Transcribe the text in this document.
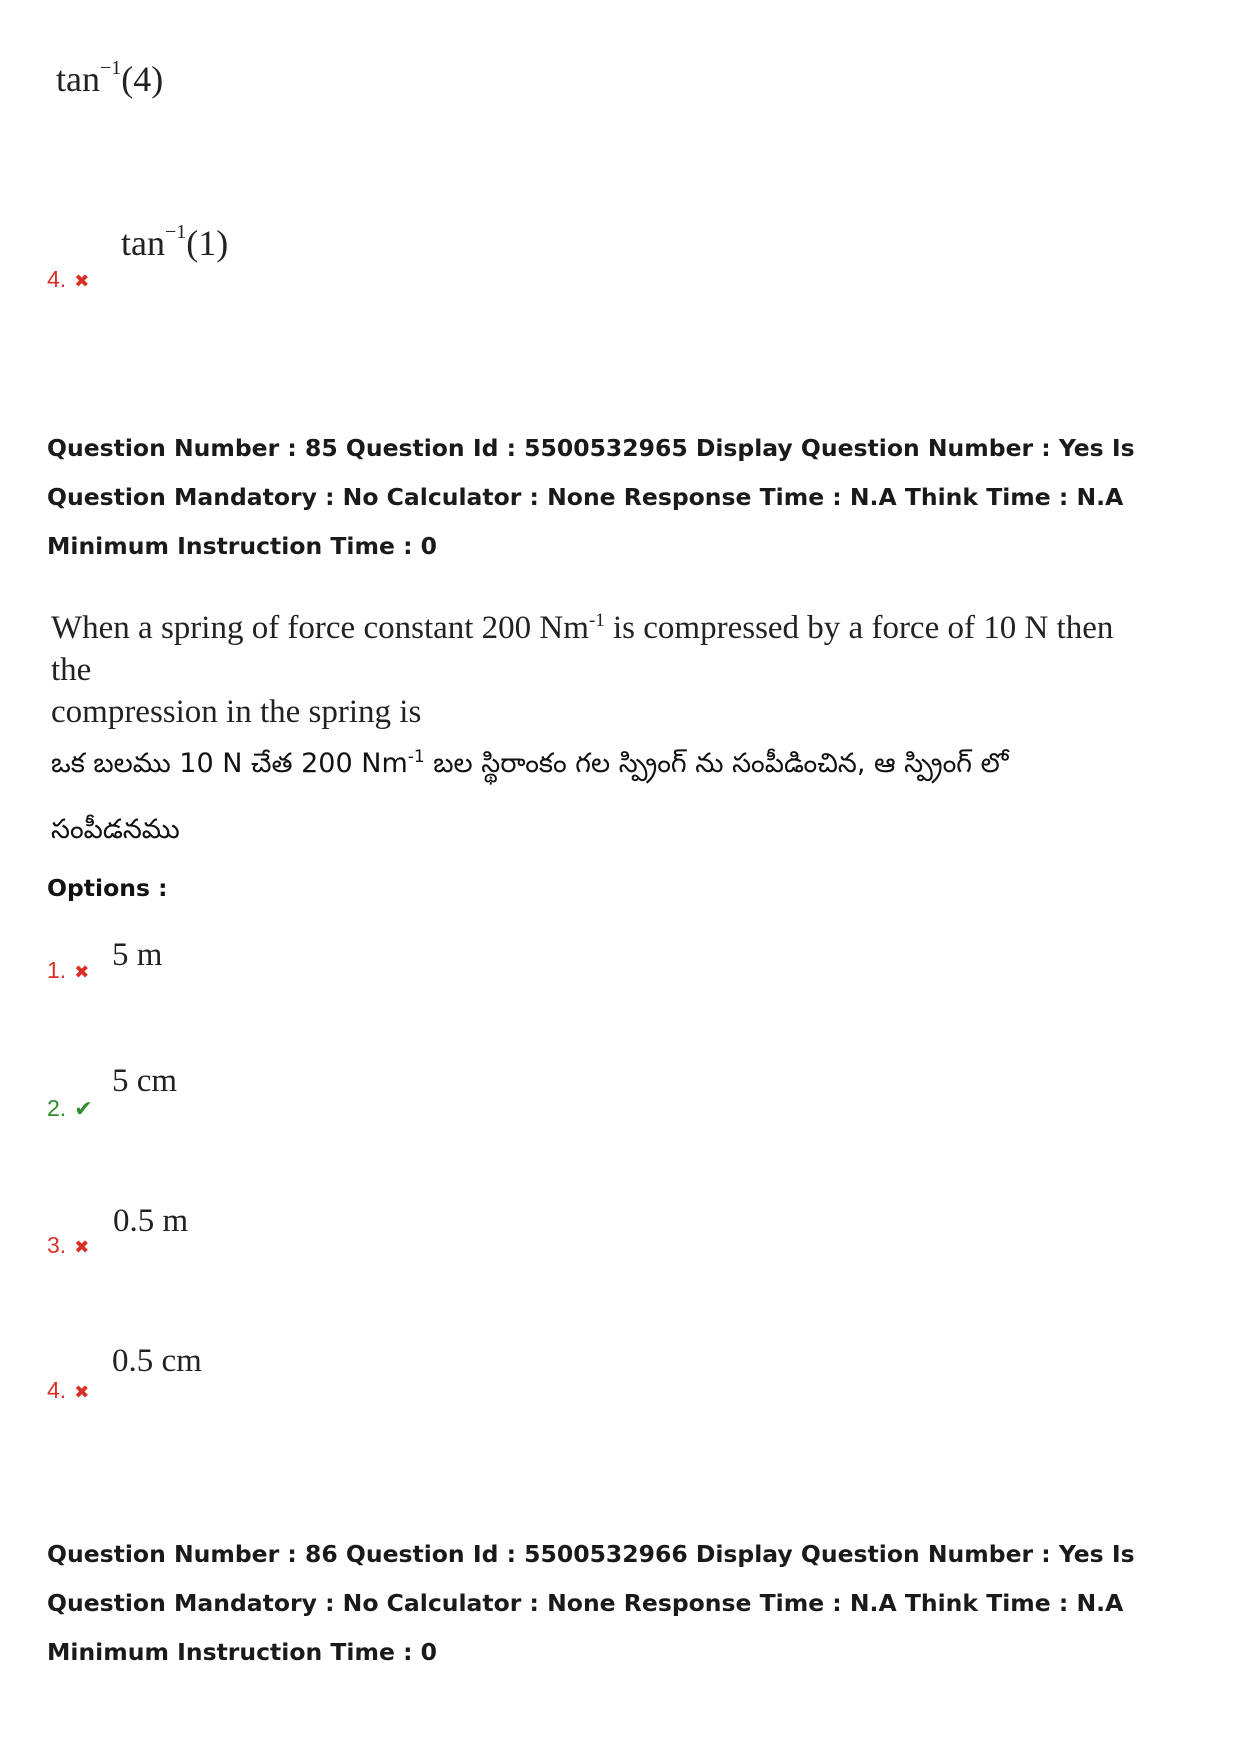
$\tan^{-1}(4)$
4. ✖
$\tan^{-1}(1)$
Question Number : 85 Question Id : 5500532965 Display Question Number : Yes Is Question Mandatory : No Calculator : None Response Time : N.A Think Time : N.A Minimum Instruction Time : 0
When a spring of force constant 200 $Nm^{-1}$ is compressed by a force of 10 N then the
compression in the spring is
ఒక బలము 10 N చేత 200 $Nm^{-1}$ బల స్థిరాంకం గల స్ప్రింగ్ ను సంపీడించిన, ఆ స్ప్రింగ్ లో
సంపీడనము
Options :
1. ✖ 5 m
2. ✔
5 cm
3. ✖
0.5 m
4. ✖
0.5 cm
Question Number : 86 Question Id : 5500532966 Display Question Number : Yes Is Question Mandatory : No Calculator : None Response Time : N.A Think Time : N.A Minimum Instruction Time : 0
